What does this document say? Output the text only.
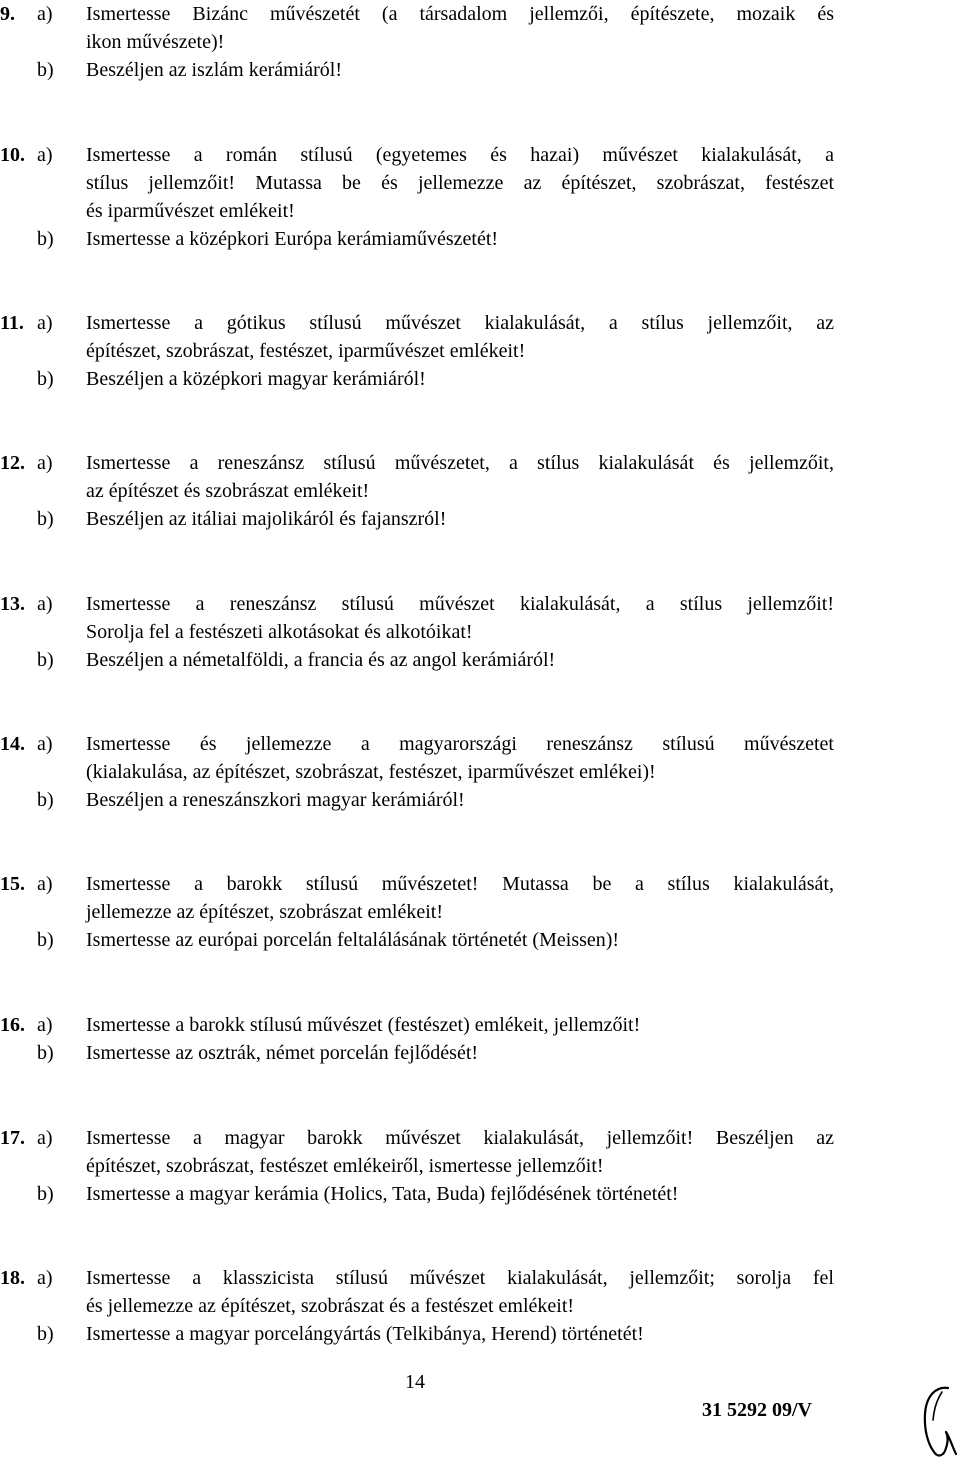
9. a) Ismertesse Bizánc művészetét (a társadalom jellemzői, építészete, mozaik és
ikon művészete)!
b) Beszéljen az iszlám kerámiáról!
10. a) Ismertesse a román stílusú (egyetemes és hazai) művészet kialakulását, a
stílus jellemzőit! Mutassa be és jellemezze az építészet, szobrászat, festészet
és iparművészet emlékeit!
b) Ismertesse a középkori Európa kerámiaművészetét!
11. a) Ismertesse a gótikus stílusú művészet kialakulását, a stílus jellemzőit, az
építészet, szobrászat, festészet, iparművészet emlékeit!
b) Beszéljen a középkori magyar kerámiáról!
12. a) Ismertesse a reneszánsz stílusú művészetet, a stílus kialakulását és jellemzőit,
az építészet és szobrászat emlékeit!
b) Beszéljen az itáliai majolikáról és fajanszról!
13. a) Ismertesse a reneszánsz stílusú művészet kialakulását, a stílus jellemzőit!
Sorolja fel a festészeti alkotásokat és alkotóikat!
b) Beszéljen a németalföldi, a francia és az angol kerámiáról!
14. a) Ismertesse és jellemezze a magyarországi reneszánsz stílusú művészetet
(kialakulása, az építészet, szobrászat, festészet, iparművészet emlékei)!
b) Beszéljen a reneszánszkori magyar kerámiáról!
15. a) Ismertesse a barokk stílusú művészetet! Mutassa be a stílus kialakulását,
jellemezze az építészet, szobrászat emlékeit!
b) Ismertesse az európai porcelán feltalálásának történetét (Meissen)!
16. a) Ismertesse a barokk stílusú művészet (festészet) emlékeit, jellemzőit!
b) Ismertesse az osztrák, német porcelán fejlődését!
17. a) Ismertesse a magyar barokk művészet kialakulását, jellemzőit! Beszéljen az
építészet, szobrászat, festészet emlékeiről, ismertesse jellemzőit!
b) Ismertesse a magyar kerámia (Holics, Tata, Buda) fejlődésének történetét!
18. a) Ismertesse a klasszicista stílusú művészet kialakulását, jellemzőit; sorolja fel
és jellemezze az építészet, szobrászat és a festészet emlékeit!
b) Ismertesse a magyar porcelángyártás (Telkibánya, Herend) történetét!
14
31 5292 09/V
